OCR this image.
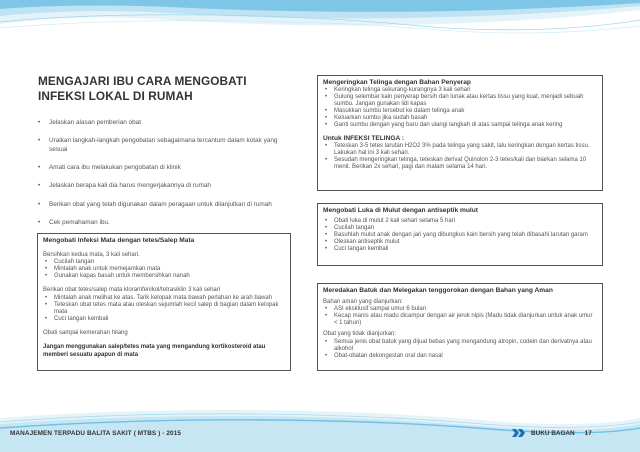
MANAJEMEN TERPADU BALITA SAKIT ( MTBS ) - 2015	BUKU BAGAN 17
MENGAJARI IBU CARA MENGOBATI INFEKSI LOKAL DI RUMAH
• Jelaskan alasan pemberian obat
• Uraikan langkah-langkah pengobatan sebagaimana tercantum dalam kotak yang sesuai
• Amati cara ibu melakukan pengobatan di klinik
• Jelaskan berapa kali dia harus mengerjakannya di rumah
• Berikan obat yang telah digunakan dalam peragaan untuk dilanjutkan di rumah
• Cek pemahaman ibu.
Mengobati Infeksi Mata dengan tetes/Salep Mata
Bersihkan kedua mata, 3 kali sehari.
• Cucilah tangan
• Mintalah anak untuk memejamkan mata
• Gunakan kapas basah untuk membersihkan nanah
Berikan obat tetes/salep mata kloramfenikol/tetrasiklin 3 kali sehari
• Mintalah anak melihat ke atas. Tarik kelopak mata bawah perlahan ke arah bawah
• Teteskan obat tetes mata atau oleskan sejumlah kecil salep di bagian dalam kelopak mata
• Cuci tangan kembali
Obati sampai kemerahan hilang
Jangan menggunakan salep/tetes mata yang mengandung kortikosteroid atau memberi sesuatu apapun di mata
Mengeringkan Telinga dengan Bahan Penyerap
• Keringkan telinga sekurang-kurangnya 3 kali sehari
• Gulung selembar kain penyerap bersih dan lunak atau kertas tissu yang kuat, menjadi sebuah sumbu. Jangan gunakan lidi kapas
• Masukkan sumbu tersebut ke dalam telinga anak
• Keluarkan sumbu jika sudah basah
• Ganti sumbu dengan yang baru dan ulangi langkah di atas sampai telinga anak kering
Untuk INFEKSI TELINGA :
• Teteskan 3-5 tetes larutan H2O2 3% pada telinga yang sakit, lalu keringkan dengan kertas tissu. Lakukan hal ini 3 kali sehari.
• Sesudah mengeringkan telinga, teteskan derivat Quinolon 2-3 tetes/kali dan biarkan selama 10 menit. Berikan 2x sehari, pagi dan malam selama 14 hari.
Mengobati Luka di Mulut dengan antiseptik mulut
• Obati luka di mulut 2 kali sehari selama 5 hari
• Cucilah tangan
• Basuhlah mulut anak dengan jari yang dibungkus kain bersih yang telah dibasahi larutan garam
• Oleskan antiseptik mulut
• Cuci tangan kembali
Meredakan Batuk dan Melegakan tenggorokan dengan Bahan yang Aman
Bahan aman yang dianjurkan:
• ASI eksklusif sampai umur 6 bulan
• Kecap manis atau madu dicampur dengan air jeruk nipis (Madu tidak dianjurkan untuk anak umur < 1 tahun)
Obat yang tidak dianjurkan:
• Semua jenis obat batuk yang dijual bebas yang mengandung atropin, codein dan derivatnya atau alkohol
• Obat-obatan dekongestan oral dan nasal
